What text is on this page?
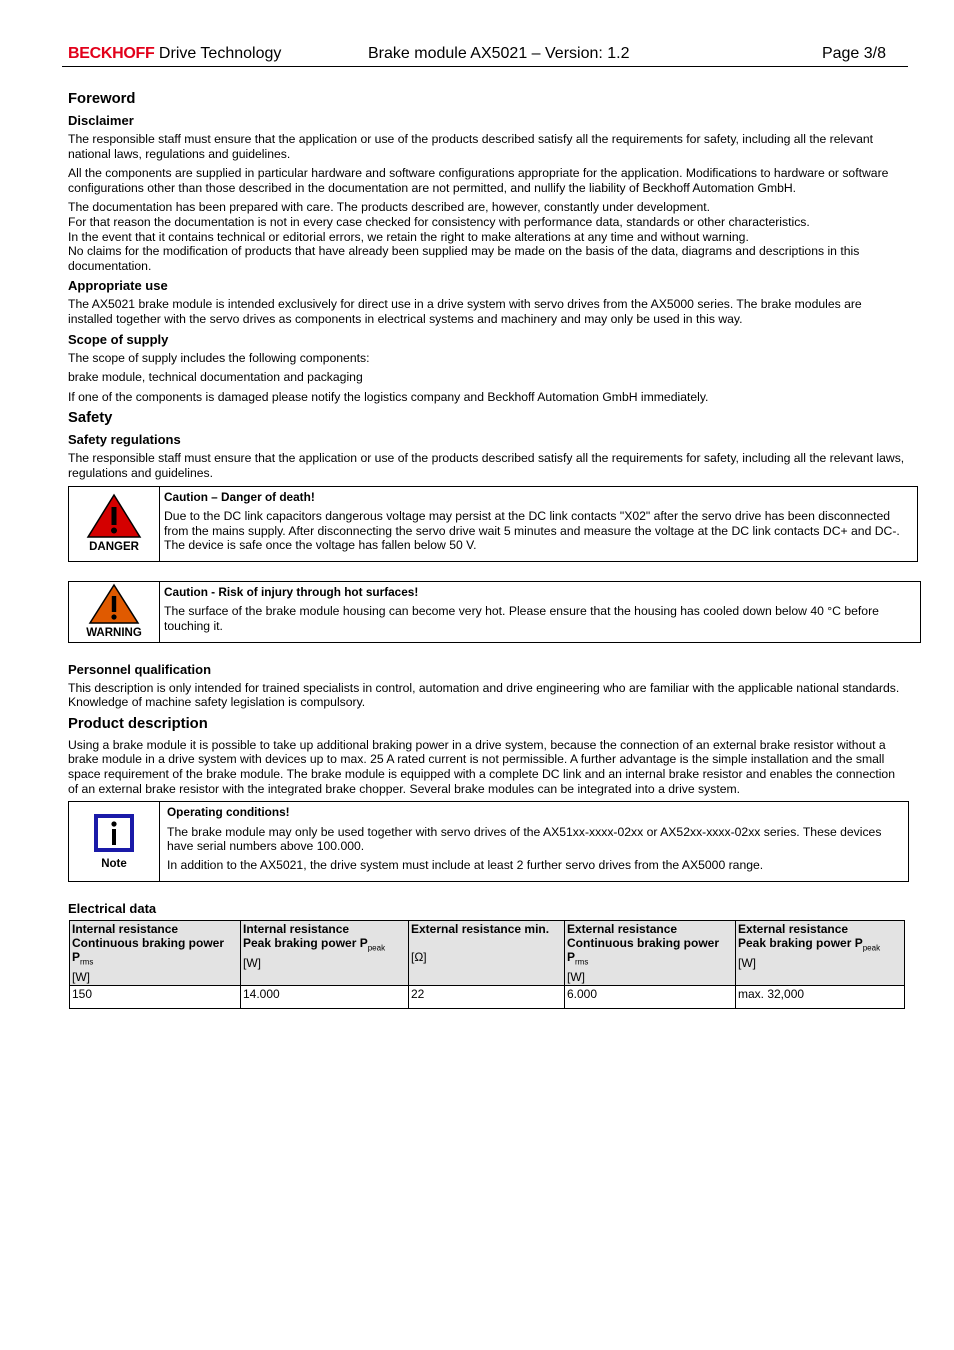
BECKHOFF Drive Technology	Brake module AX5021 – Version: 1.2	Page 3/8
Foreword
Disclaimer

The responsible staff must ensure that the application or use of the products described satisfy all the requirements for safety, including all the relevant national laws, regulations and guidelines.

All the components are supplied in particular hardware and software configurations appropriate for the application. Modifications to hardware or software configurations other than those described in the documentation are not permitted, and nullify the liability of Beckhoff Automation GmbH.

The documentation has been prepared with care. The products described are, however, constantly under development.
For that reason the documentation is not in every case checked for consistency with performance data, standards or other characteristics.
In the event that it contains technical or editorial errors, we retain the right to make alterations at any time and without warning.
No claims for the modification of products that have already been supplied may be made on the basis of the data, diagrams and descriptions in this documentation.

Appropriate use

The AX5021 brake module is intended exclusively for direct use in a drive system with servo drives from the AX5000 series. The brake modules are installed together with the servo drives as components in electrical systems and machinery and may only be used in this way.

Scope of supply

The scope of supply includes the following components:

brake module, technical documentation and packaging

If one of the components is damaged please notify the logistics company and Beckhoff Automation GmbH immediately.

Safety
Safety regulations

The responsible staff must ensure that the application or use of the products described satisfy all the requirements for safety, including all the relevant laws, regulations and guidelines.

DANGER
Caution – Danger of death!

Due to the DC link capacitors dangerous voltage may persist at the DC link contacts "X02" after the servo drive has been disconnected from the mains supply. After disconnecting the servo drive wait 5 minutes and measure the voltage at the DC link contacts DC+ and DC-. The device is safe once the voltage has fallen below 50 V.

WARNING
Caution - Risk of injury through hot surfaces!

The surface of the brake module housing can become very hot. Please ensure that the housing has cooled down below 40 °C before touching it.

Personnel qualification

This description is only intended for trained specialists in control, automation and drive engineering who are familiar with the applicable national standards. Knowledge of machine safety legislation is compulsory.

Product description

Using a brake module it is possible to take up additional braking power in a drive system, because the connection of an external brake resistor without a brake module in a drive system with devices up to max. 25 A rated current is not permissible. A further advantage is the simple installation and the small space requirement of the brake module. The brake module is equipped with a complete DC link and an internal brake resistor and enables the connection of an external brake resistor with the integrated brake chopper. Several brake modules can be integrated into a drive system.

Note
Operating conditions!

The brake module may only be used together with servo drives of the AX51xx-xxxx-02xx or AX52xx-xxxx-02xx series. These devices have serial numbers above 100.000.

In addition to the AX5021, the drive system must include at least 2 further servo drives from the AX5000 range.

Electrical data
Internal resistance
Continuous braking power
$P_{rms}$
[W]	Internal resistance
Peak braking power $P_{peak}$
[W]	External resistance min.

[Ω]	External resistance
Continuous braking power
$P_{rms}$
[W]	External resistance
Peak braking power $P_{peak}$
[W]
150	14.000	22	6.000	max. 32,000
